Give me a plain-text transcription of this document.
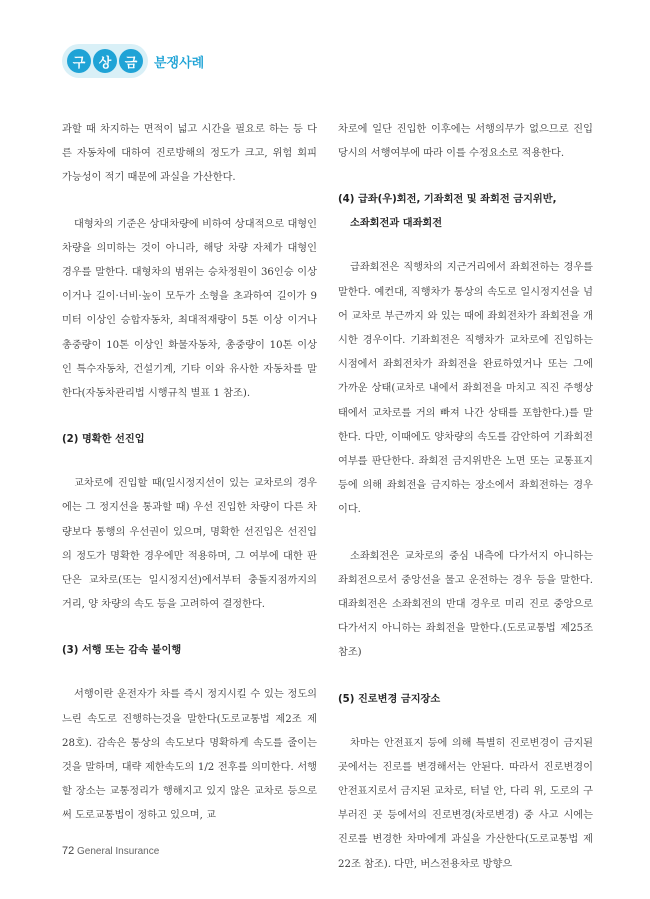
구	상	금	분쟁사례

과할 때 차지하는 면적이 넓고 시간을 필요로 하는 등 다른 자동차에 대하여 진로방해의 정도가 크고, 위험 회피 가능성이 적기 때문에 과실을 가산한다.

대형차의 기준은 상대차량에 비하여 상대적으로 대형인 차량을 의미하는 것이 아니라, 해당 차량 자체가 대형인 경우를 말한다. 대형차의 범위는 승차정원이 36인승 이상이거나 길이·너비·높이 모두가 소형을 초과하여 길이가 9미터 이상인 승합자동차, 최대적재량이 5톤 이상 이거나 총중량이 10톤 이상인 화물자동차, 총중량이 10톤 이상인 특수자동차, 건설기계, 기타 이와 유사한 자동차를 말한다(자동차관리법 시행규칙 별표 1 참조).

(2) 명확한 선진입

교차로에 진입할 때(일시정지선이 있는 교차로의 경우에는 그 정지선을 통과할 때) 우선 진입한 차량이 다른 차량보다 통행의 우선권이 있으며, 명확한 선진입은 선진입의 정도가 명확한 경우에만 적용하며, 그 여부에 대한 판단은 교차로(또는 일시정지선)에서부터 충돌지점까지의 거리, 양 차량의 속도 등을 고려하여 결정한다.

(3) 서행 또는 감속 불이행

서행이란 운전자가 차를 즉시 정지시킬 수 있는 정도의 느린 속도로 진행하는것을 말한다(도로교통법 제2조 제28호). 감속은 통상의 속도보다 명확하게 속도를 줄이는 것을 말하며, 대략 제한속도의 1/2 전후를 의미한다. 서행할 장소는 교통정리가 행해지고 있지 않은 교차로 등으로써 도로교통법이 정하고 있으며, 교

차로에 일단 진입한 이후에는 서행의무가 없으므로 진입당시의 서행여부에 따라 이를 수정요소로 적용한다.

(4) 급좌(우)회전, 기좌회전 및 좌회전 금지위반,
소좌회전과 대좌회전

급좌회전은 직행차의 지근거리에서 좌회전하는 경우를 말한다. 예컨대, 직행차가 통상의 속도로 일시정지선을 넘어 교차로 부근까지 와 있는 때에 좌회전차가 좌회전을 개시한 경우이다. 기좌회전은 직행차가 교차로에 진입하는 시점에서 좌회전차가 좌회전을 완료하였거나 또는 그에 가까운 상태(교차로 내에서 좌회전을 마치고 직진 주행상태에서 교차로를 거의 빠져 나간 상태를 포함한다.)를 말한다. 다만, 이때에도 양차량의 속도를 감안하여 기좌회전 여부를 판단한다. 좌회전 금지위반은 노면 또는 교통표지 등에 의해 좌회전을 금지하는 장소에서 좌회전하는 경우이다.

소좌회전은 교차로의 중심 내측에 다가서지 아니하는 좌회전으로서 중앙선을 물고 운전하는 경우 등을 말한다. 대좌회전은 소좌회전의 반대 경우로 미리 진로 중앙으로 다가서지 아니하는 좌회전을 말한다.(도로교통법 제25조 참조)

(5) 진로변경 금지장소

차마는 안전표지 등에 의해 특별히 진로변경이 금지된 곳에서는 진로를 변경해서는 안된다. 따라서 진로변경이 안전표지로서 금지된 교차로, 터널 안, 다리 위, 도로의 구부러진 곳 등에서의 진로변경(차로변경) 중 사고 시에는 진로를 변경한 차마에게 과실을 가산한다(도로교통법 제22조 참조). 다만, 버스전용차로 방향으

72 General Insurance
